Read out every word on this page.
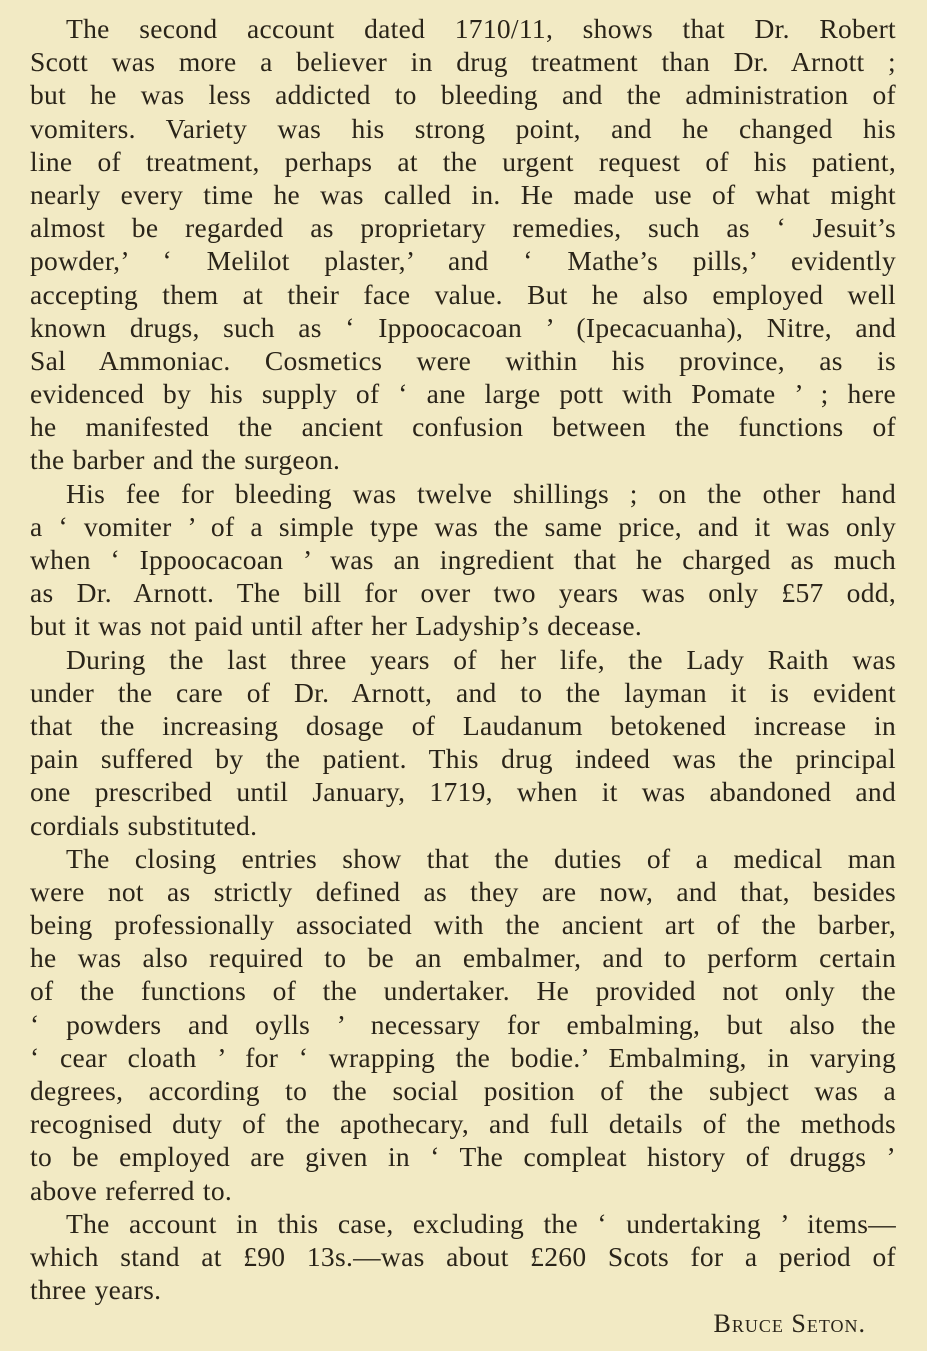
The second account dated 1710/11, shows that Dr. Robert
Scott was more a believer in drug treatment than Dr. Arnott ;
but he was less addicted to bleeding and the administration of
vomiters. Variety was his strong point, and he changed his
line of treatment, perhaps at the urgent request of his patient,
nearly every time he was called in. He made use of what might
almost be regarded as proprietary remedies, such as ‘ Jesuit’s
powder,’ ‘ Melilot plaster,’ and ‘ Mathe’s pills,’ evidently
accepting them at their face value. But he also employed well
known drugs, such as ‘ Ippoocacoan ’ (Ipecacuanha), Nitre, and
Sal Ammoniac. Cosmetics were within his province, as is
evidenced by his supply of ‘ ane large pott with Pomate ’ ; here
he manifested the ancient confusion between the functions of
the barber and the surgeon.
His fee for bleeding was twelve shillings ; on the other hand
a ‘ vomiter ’ of a simple type was the same price, and it was only
when ‘ Ippoocacoan ’ was an ingredient that he charged as much
as Dr. Arnott. The bill for over two years was only £57 odd,
but it was not paid until after her Ladyship’s decease.
During the last three years of her life, the Lady Raith was
under the care of Dr. Arnott, and to the layman it is evident
that the increasing dosage of Laudanum betokened increase in
pain suffered by the patient. This drug indeed was the principal
one prescribed until January, 1719, when it was abandoned and
cordials substituted.
The closing entries show that the duties of a medical man
were not as strictly defined as they are now, and that, besides
being professionally associated with the ancient art of the barber,
he was also required to be an embalmer, and to perform certain
of the functions of the undertaker. He provided not only the
‘ powders and oylls ’ necessary for embalming, but also the
‘ cear cloath ’ for ‘ wrapping the bodie.’ Embalming, in varying
degrees, according to the social position of the subject was a
recognised duty of the apothecary, and full details of the methods
to be employed are given in ‘ The compleat history of druggs ’
above referred to.
The account in this case, excluding the ‘ undertaking ’ items—
which stand at £90 13s.—was about £260 Scots for a period of
three years.
Bruce Seton.
